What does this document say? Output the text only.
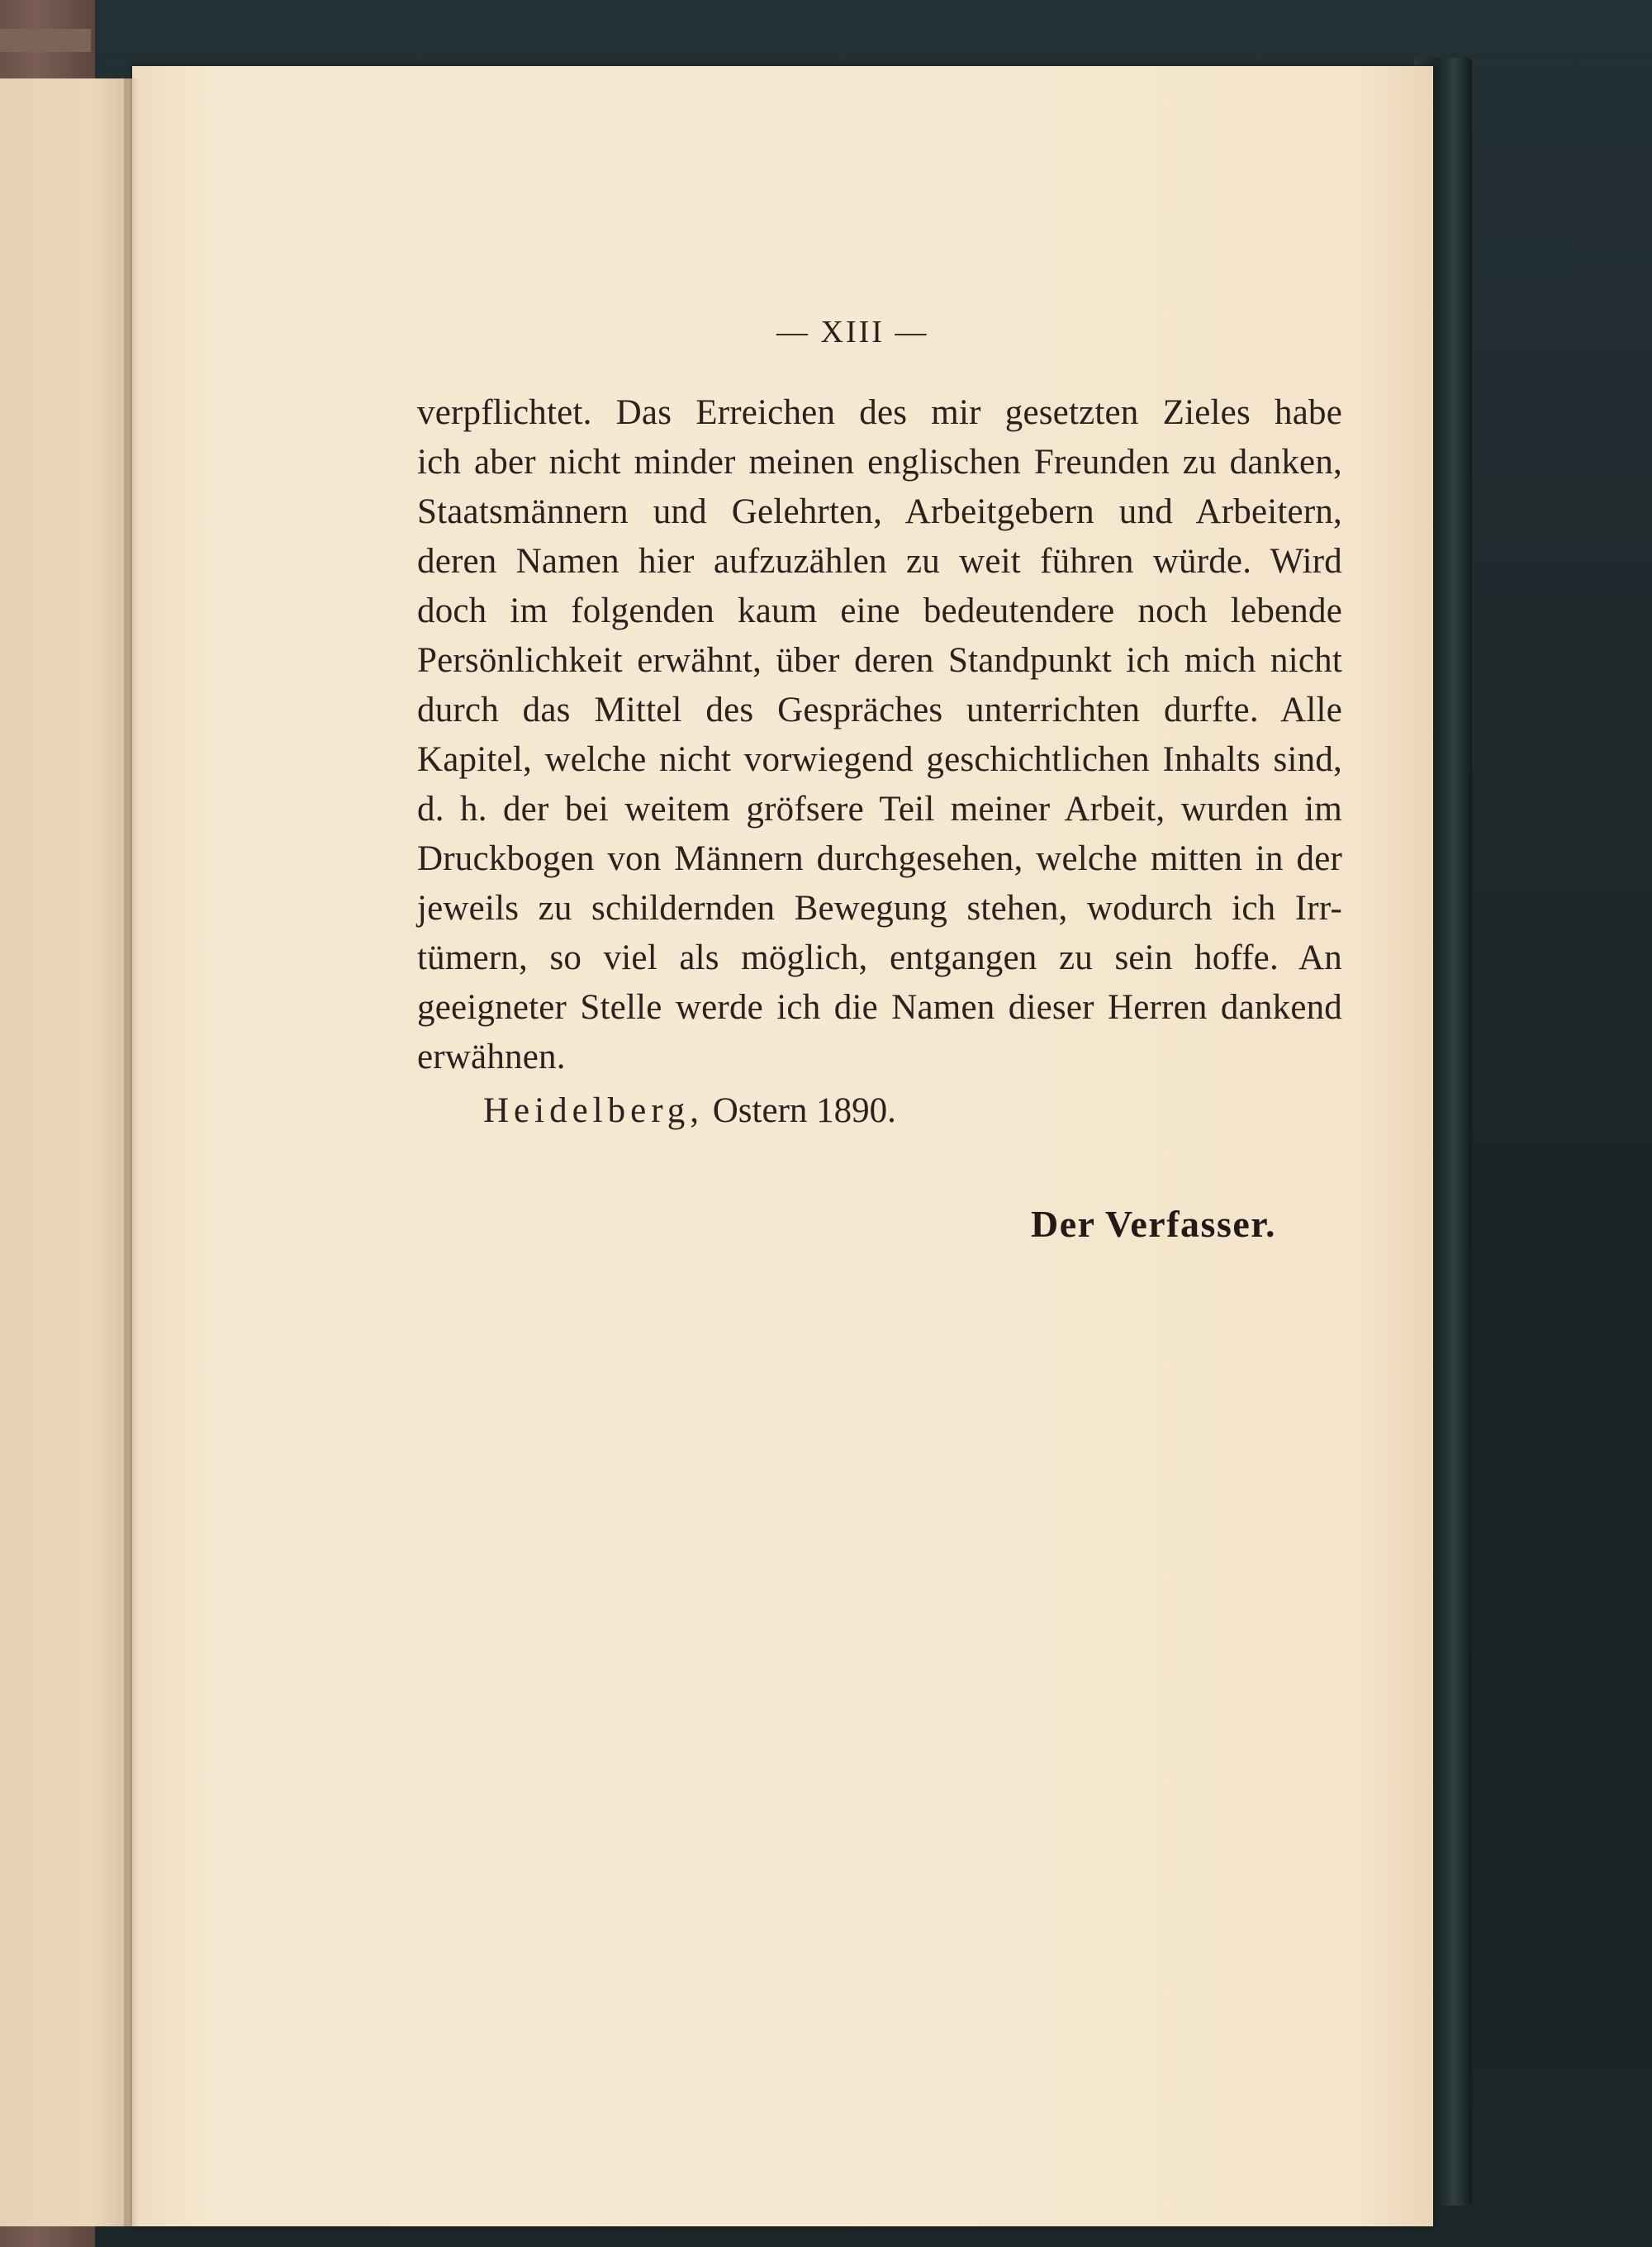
— XIII —
verpflichtet. Das Erreichen des mir gesetzten Zieles habe
ich aber nicht minder meinen englischen Freunden zu danken,
Staatsmännern und Gelehrten, Arbeitgebern und Arbeitern,
deren Namen hier aufzuzählen zu weit führen würde. Wird
doch im folgenden kaum eine bedeutendere noch lebende
Persönlichkeit erwähnt, über deren Standpunkt ich mich nicht
durch das Mittel des Gespräches unterrichten durfte. Alle
Kapitel, welche nicht vorwiegend geschichtlichen Inhalts sind,
d. h. der bei weitem gröfsere Teil meiner Arbeit, wurden im
Druckbogen von Männern durchgesehen, welche mitten in der
jeweils zu schildernden Bewegung stehen, wodurch ich Irr-
tümern, so viel als möglich, entgangen zu sein hoffe. An
geeigneter Stelle werde ich die Namen dieser Herren dankend
erwähnen.
Heidelberg, Ostern 1890.
Der Verfasser.
